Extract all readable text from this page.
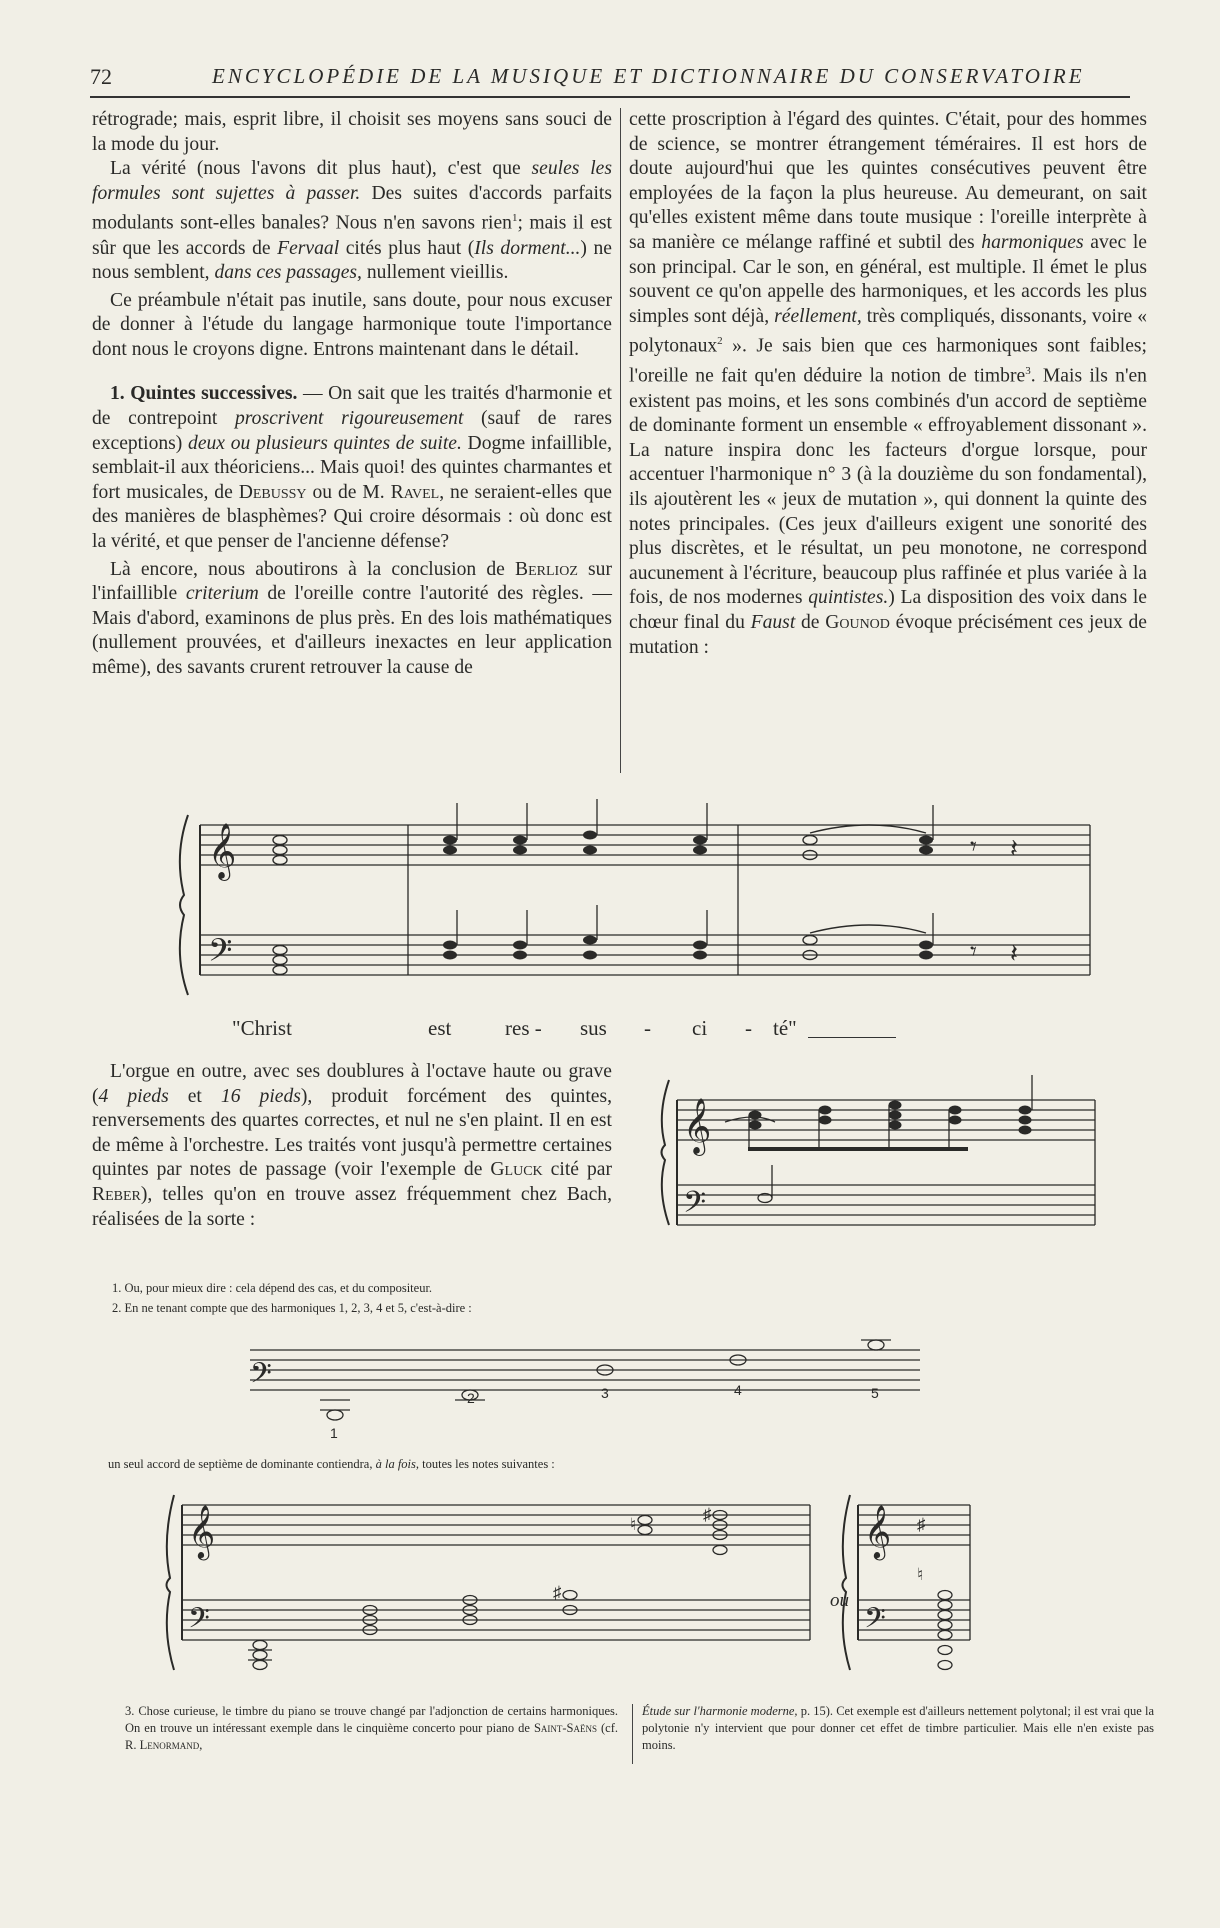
72	ENCYCLOPÉDIE DE LA MUSIQUE ET DICTIONNAIRE DU CONSERVATOIRE

rétrograde; mais, esprit libre, il choisit ses moyens sans souci de la mode du jour.

La vérité (nous l'avons dit plus haut), c'est que seules les formules sont sujettes à passer. Des suites d'accords parfaits modulants sont-elles banales? Nous n'en savons rien$^1$; mais il est sûr que les accords de Fervaal cités plus haut (Ils dorment...) ne nous semblent, dans ces passages, nullement vieillis.

Ce préambule n'était pas inutile, sans doute, pour nous excuser de donner à l'étude du langage harmonique toute l'importance dont nous le croyons digne. Entrons maintenant dans le détail.

1. Quintes successives. — On sait que les traités d'harmonie et de contrepoint proscrivent rigoureusement (sauf de rares exceptions) deux ou plusieurs quintes de suite. Dogme infaillible, semblait-il aux théoriciens... Mais quoi! des quintes charmantes et fort musicales, de Debussy ou de M. Ravel, ne seraient-elles que des manières de blasphèmes? Qui croire désormais : où donc est la vérité, et que penser de l'ancienne défense?

Là encore, nous aboutirons à la conclusion de Berlioz sur l'infaillible criterium de l'oreille contre l'autorité des règles. — Mais d'abord, examinons de plus près. En des lois mathématiques (nullement prouvées, et d'ailleurs inexactes en leur application même), des savants crurent retrouver la cause de

cette proscription à l'égard des quintes. C'était, pour des hommes de science, se montrer étrangement téméraires. Il est hors de doute aujourd'hui que les quintes consécutives peuvent être employées de la façon la plus heureuse. Au demeurant, on sait qu'elles existent même dans toute musique : l'oreille interprète à sa manière ce mélange raffiné et subtil des harmoniques avec le son principal. Car le son, en général, est multiple. Il émet le plus souvent ce qu'on appelle des harmoniques, et les accords les plus simples sont déjà, réellement, très compliqués, dissonants, voire « polytonaux$^2$ ». Je sais bien que ces harmoniques sont faibles; l'oreille ne fait qu'en déduire la notion de timbre$^3$. Mais ils n'en existent pas moins, et les sons combinés d'un accord de septième de dominante forment un ensemble « effroyablement dissonant ». La nature inspira donc les facteurs d'orgue lorsque, pour accentuer l'harmonique n° 3 (à la douzième du son fondamental), ils ajoutèrent les « jeux de mutation », qui donnent la quinte des notes principales. (Ces jeux d'ailleurs exigent une sonorité des plus discrètes, et le résultat, un peu monotone, ne correspond aucunement à l'écriture, beaucoup plus raffinée et plus variée à la fois, de nos modernes quintistes.) La disposition des voix dans le chœur final du Faust de Gounod évoque précisément ces jeux de mutation :

𝄞
𝄢
𝄾 𝄽
𝄾 𝄽
"Christ	est	res - sus - ci - té"

L'orgue en outre, avec ses doublures à l'octave haute ou grave (4 pieds et 16 pieds), produit forcément des quintes, renversements des quartes correctes, et nul ne s'en plaint. Il en est de même à l'orchestre. Les traités vont jusqu'à permettre certaines quintes par notes de passage (voir l'exemple de Gluck cité par Reber), telles qu'on en trouve assez fréquemment chez Bach, réalisées de la sorte :

𝄞
𝄢
1. Ou, pour mieux dire : cela dépend des cas, et du compositeur.
2. En ne tenant compte que des harmoniques 1, 2, 3, 4 et 5, c'est-à-dire :
𝄢
1
2	3	4	5
un seul accord de septième de dominante contiendra, à la fois, toutes les notes suivantes :
𝄞
𝄢
𝄞
𝄢
♯
♮
♯
♯
♮
ou
3. Chose curieuse, le timbre du piano se trouve changé par l'adjonction de certains harmoniques. On en trouve un intéressant exemple dans le cinquième concerto pour piano de Saint-Saëns (cf. R. Lenormand,
Étude sur l'harmonie moderne, p. 15). Cet exemple est d'ailleurs nettement polytonal; il est vrai que la polytonie n'y intervient que pour donner cet effet de timbre particulier. Mais elle n'en existe pas moins.
